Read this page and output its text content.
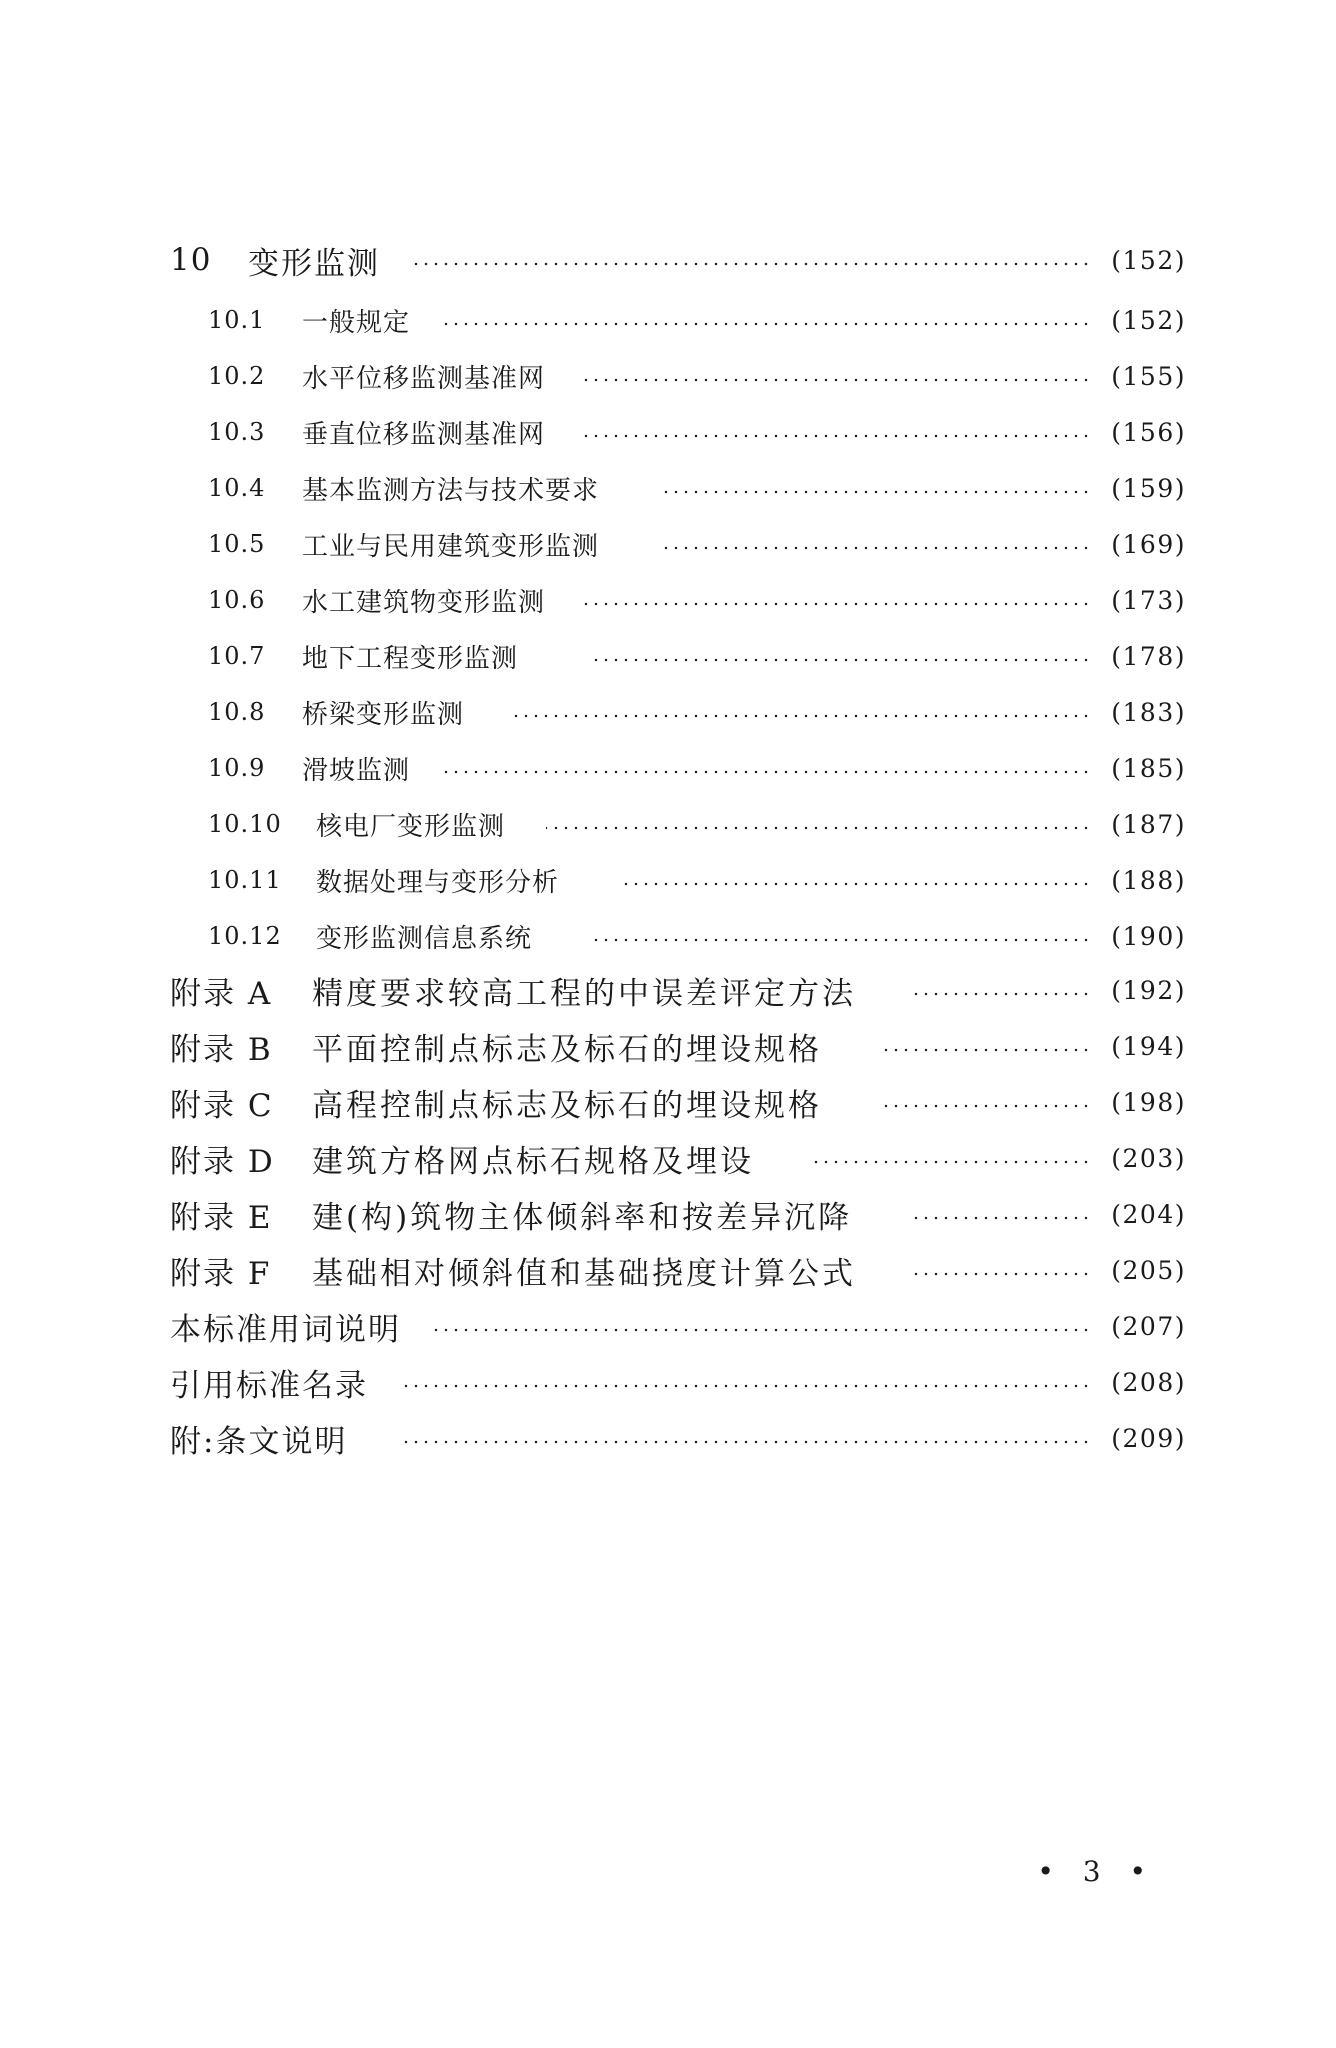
10 变形监测	(152)
10.1 一般规定	(152)
10.2 水平位移监测基准网	(155)
10.3 垂直位移监测基准网	(156)
10.4 基本监测方法与技术要求	(159)
10.5 工业与民用建筑变形监测	(169)
10.6 水工建筑物变形监测	(173)
10.7 地下工程变形监测	(178)
10.8 桥梁变形监测	(183)
10.9 滑坡监测	(185)
10.10 核电厂变形监测	(187)
10.11 数据处理与变形分析	(188)
10.12 变形监测信息系统	(190)
附录 A 精度要求较高工程的中误差评定方法	(192)
附录 B 平面控制点标志及标石的埋设规格	(194)
附录 C 高程控制点标志及标石的埋设规格	(198)
附录 D 建筑方格网点标石规格及埋设	(203)
附录 E 建(构)筑物主体倾斜率和按差异沉降	(204)
附录 F 基础相对倾斜值和基础挠度计算公式	(205)
本标准用词说明	(207)
引用标准名录	(208)
附:条文说明	(209)
• 3 •
